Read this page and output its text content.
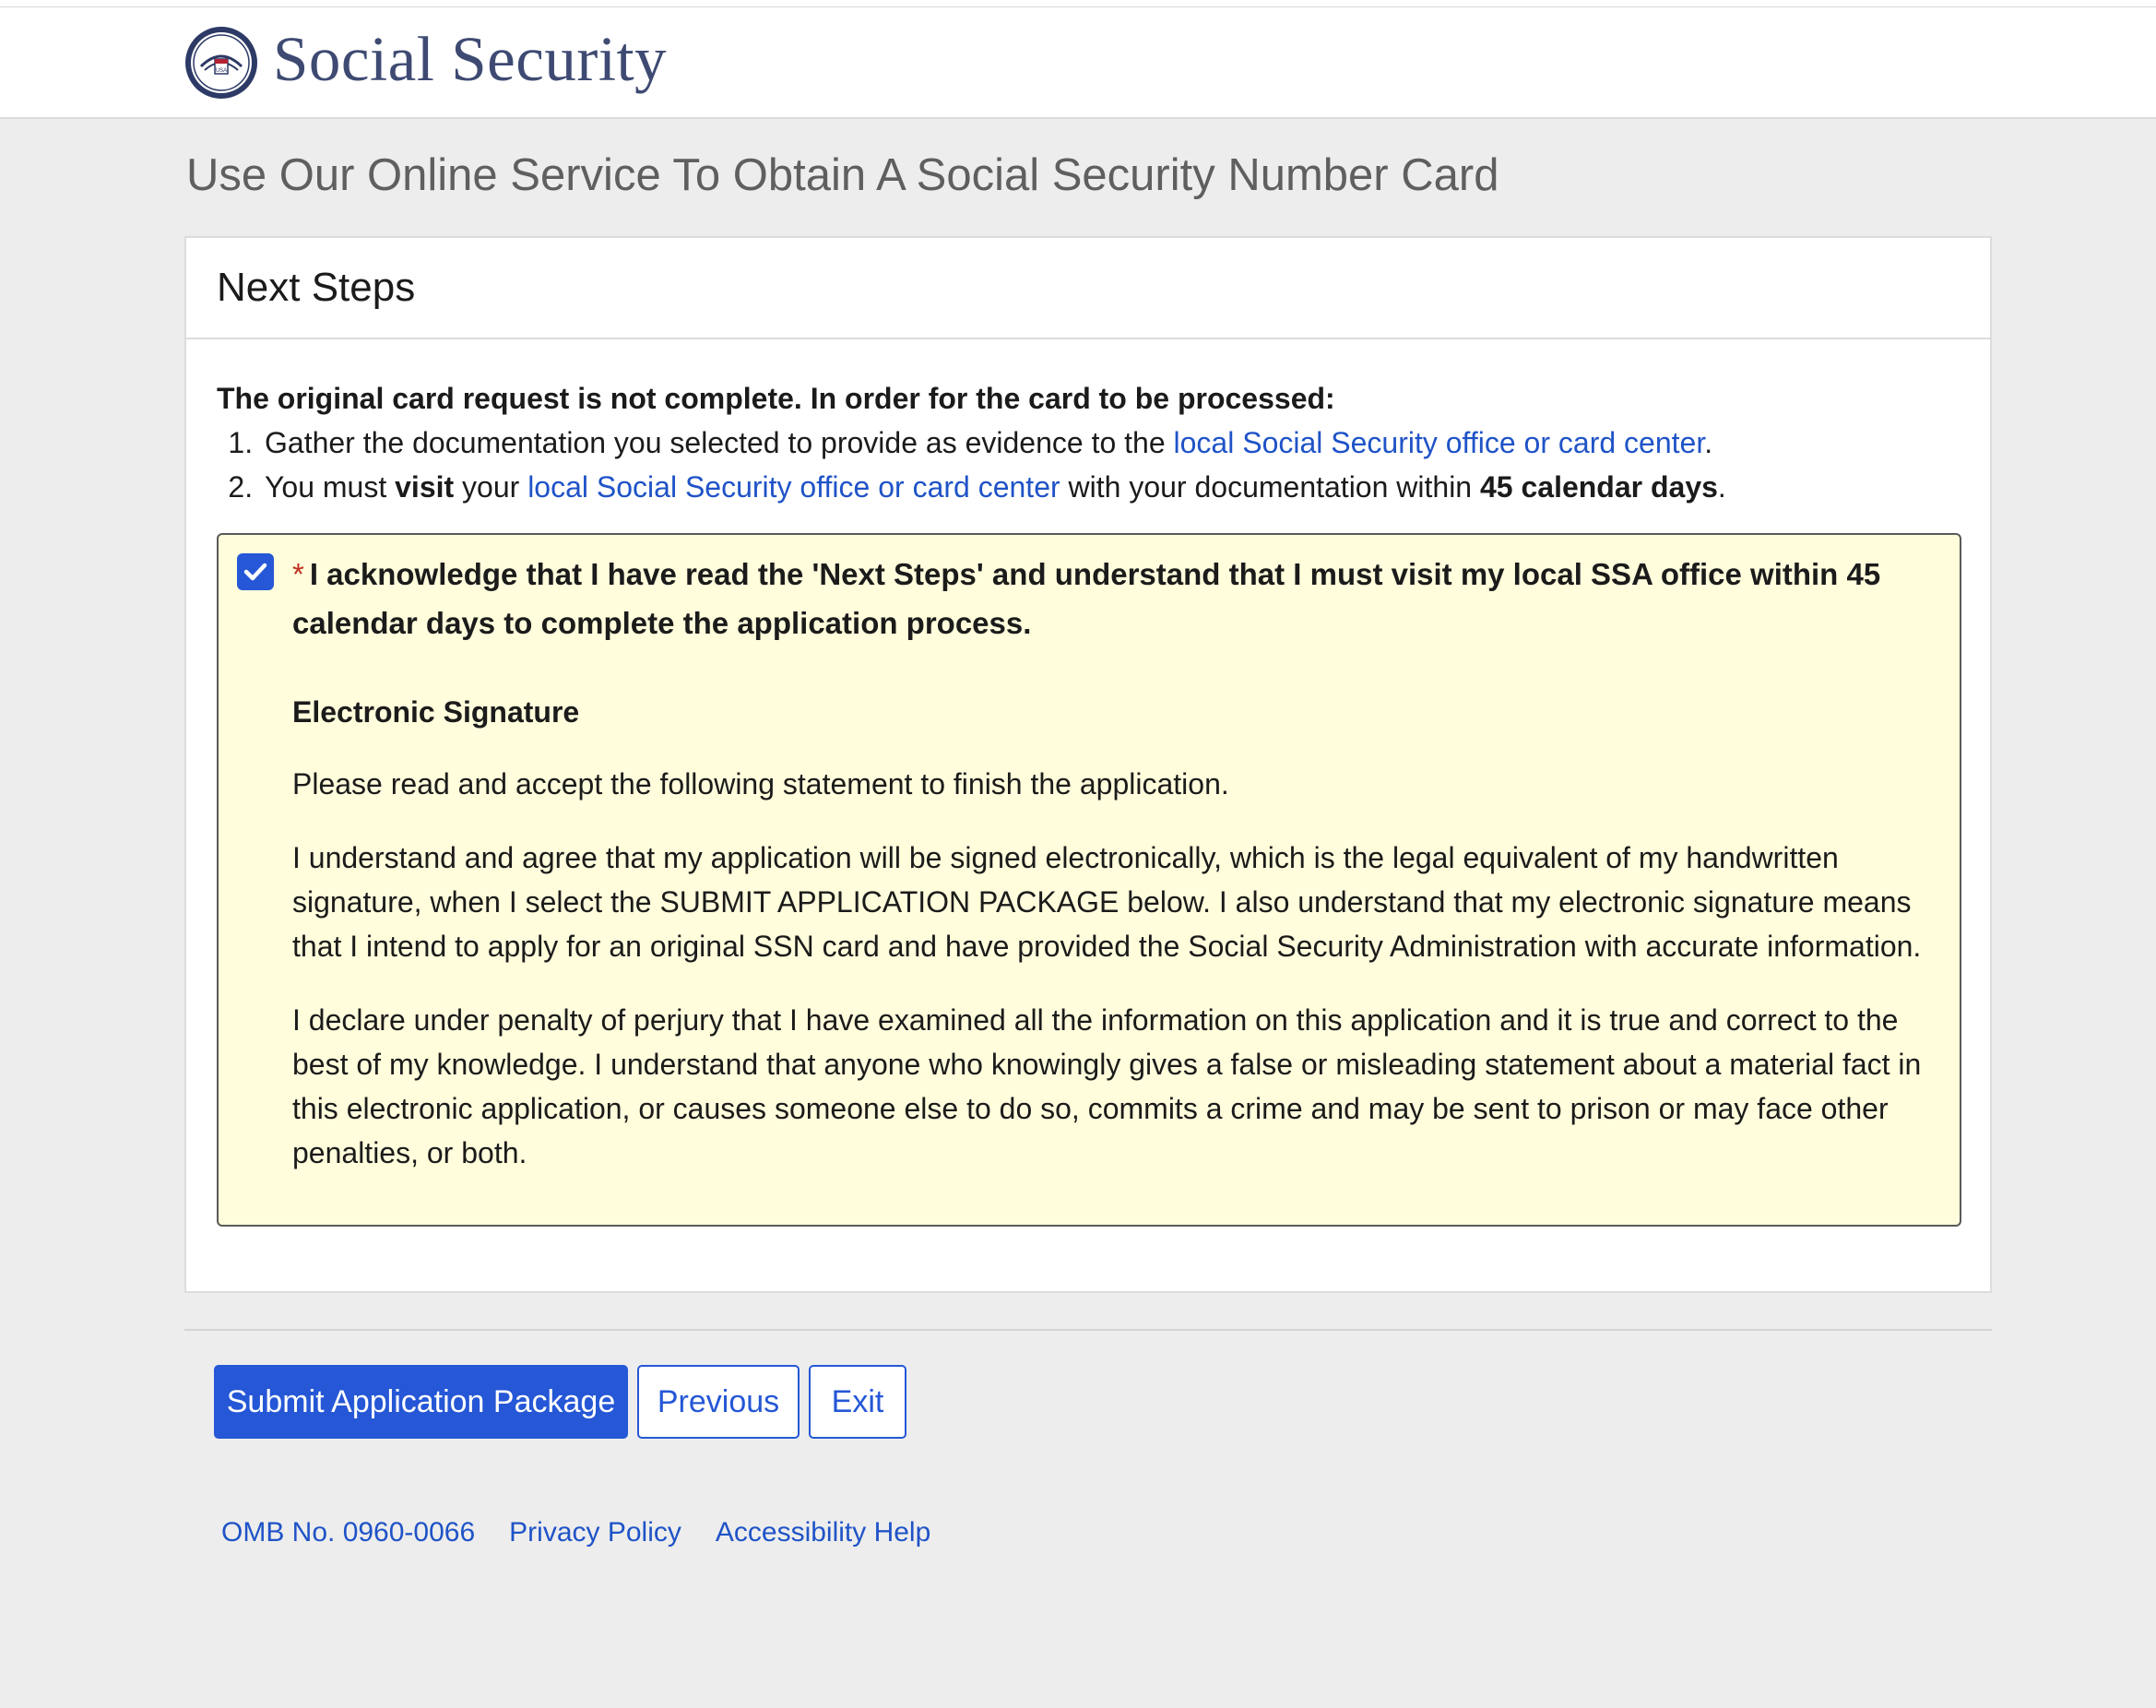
USA Social Security
Use Our Online Service To Obtain A Social Security Number Card
Next Steps
The original card request is not complete. In order for the card to be processed:
1. Gather the documentation you selected to provide as evidence to the local Social Security office or card center.
2. You must visit your local Social Security office or card center with your documentation within 45 calendar days.
* I acknowledge that I have read the 'Next Steps' and understand that I must visit my local SSA office within 45 calendar days to complete the application process.
Electronic Signature

Please read and accept the following statement to finish the application.

I understand and agree that my application will be signed electronically, which is the legal equivalent of my handwritten signature, when I select the SUBMIT APPLICATION PACKAGE below. I also understand that my electronic signature means that I intend to apply for an original SSN card and have provided the Social Security Administration with accurate information.

I declare under penalty of perjury that I have examined all the information on this application and it is true and correct to the best of my knowledge. I understand that anyone who knowingly gives a false or misleading statement about a material fact in this electronic application, or causes someone else to do so, commits a crime and may be sent to prison or may face other penalties, or both.

Submit Application Package	Previous	Exit
OMB No. 0960-0066 Privacy Policy Accessibility Help
